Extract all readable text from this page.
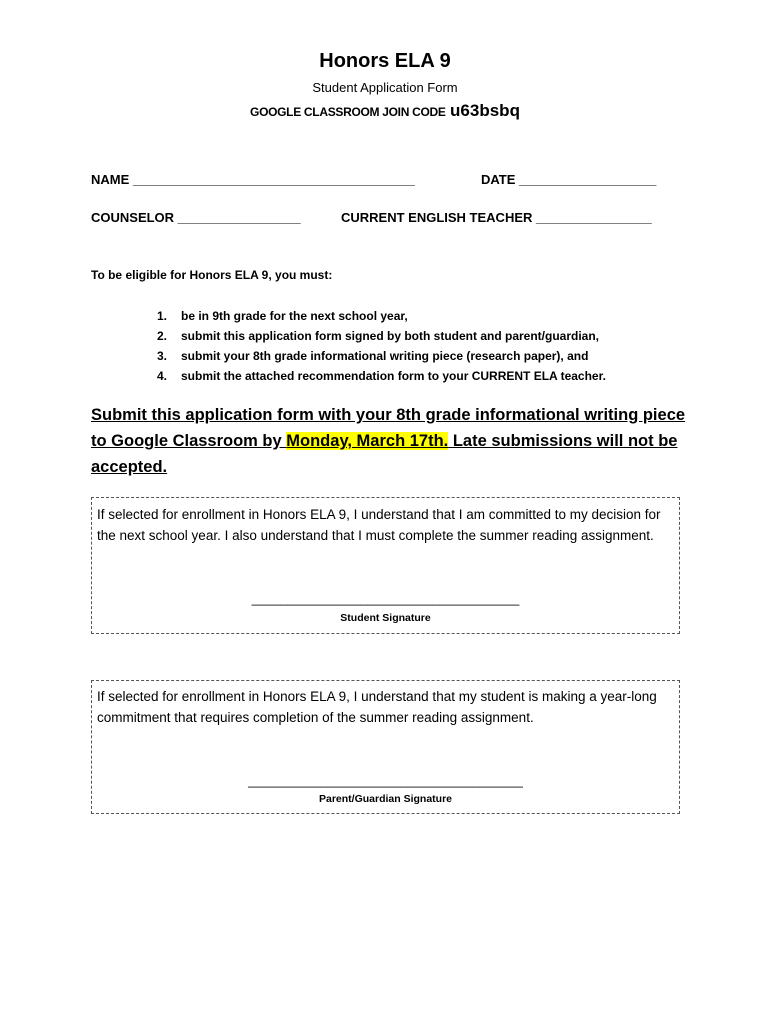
Honors ELA 9
Student Application Form
GOOGLE CLASSROOM JOIN CODE u63bsbq
NAME _______________________________________	DATE ___________________
COUNSELOR _________________	CURRENT ENGLISH TEACHER ________________
To be eligible for Honors ELA 9, you must:
1. be in 9th grade for the next school year,
2. submit this application form signed by both student and parent/guardian,
3. submit your 8th grade informational writing piece (research paper), and
4. submit the attached recommendation form to your CURRENT ELA teacher.
Submit this application form with your 8th grade informational writing piece to Google Classroom by Monday, March 17th. Late submissions will not be accepted.
If selected for enrollment in Honors ELA 9, I understand that I am committed to my decision for the next school year. I also understand that I must complete the summer reading assignment.
_____________________________________
Student Signature
If selected for enrollment in Honors ELA 9, I understand that my student is making a year-long commitment that requires completion of the summer reading assignment.
______________________________________
Parent/Guardian Signature
